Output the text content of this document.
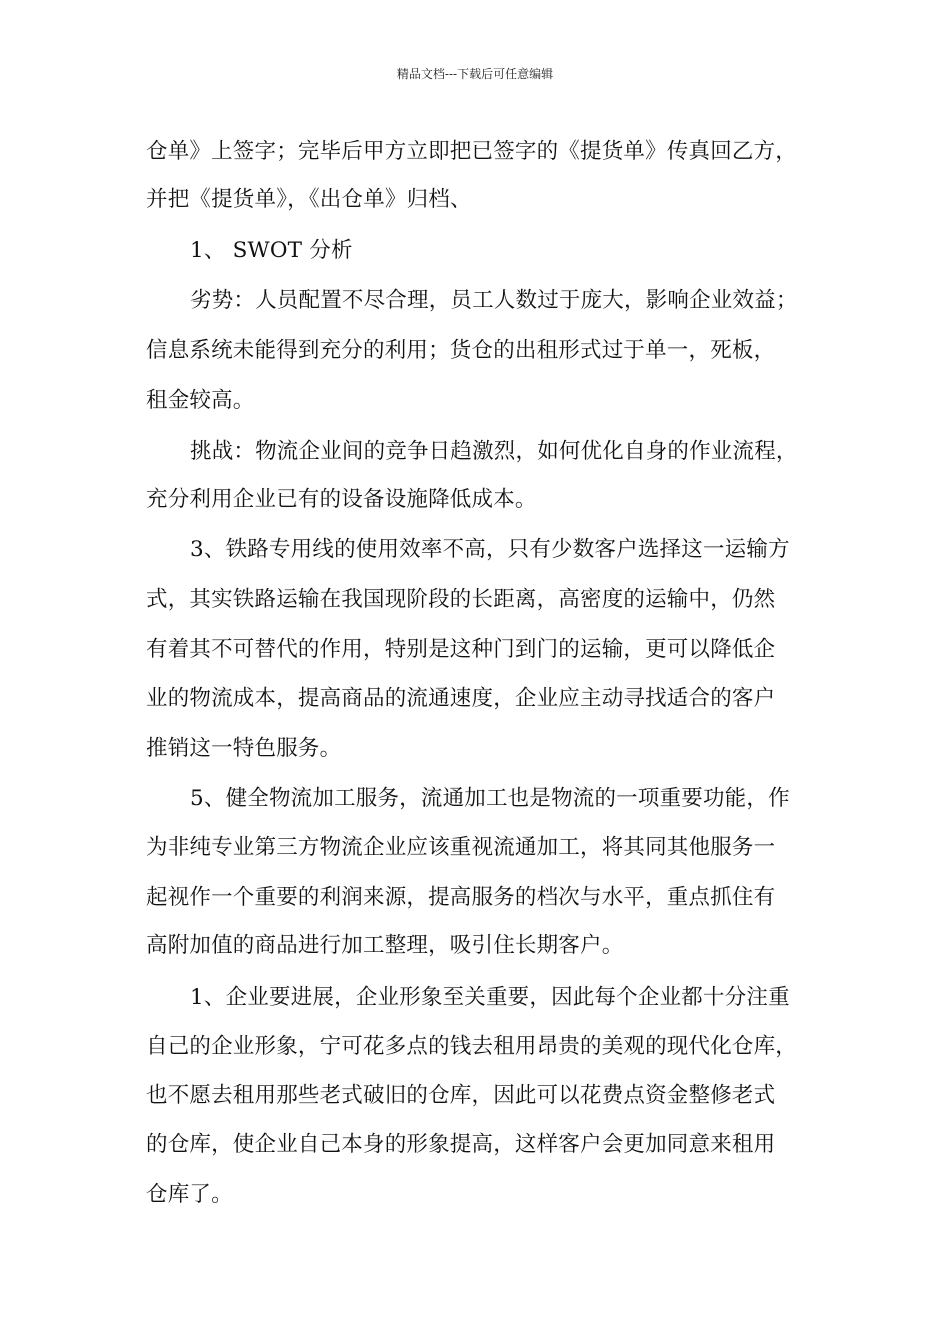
精品文档---下载后可任意编辑

仓单》上签字；完毕后甲方立即把已签字的《提货单》传真回乙方，

并把《提货单》，《出仓单》归档、

1、 SWOT 分析

劣势：人员配置不尽合理，员工人数过于庞大，影响企业效益；

信息系统未能得到充分的利用；货仓的出租形式过于单一，死板，

租金较高。

挑战：物流企业间的竞争日趋激烈，如何优化自身的作业流程，

充分利用企业已有的设备设施降低成本。

3、铁路专用线的使用效率不高，只有少数客户选择这一运输方

式，其实铁路运输在我国现阶段的长距离，高密度的运输中，仍然

有着其不可替代的作用，特别是这种门到门的运输，更可以降低企

业的物流成本，提高商品的流通速度，企业应主动寻找适合的客户

推销这一特色服务。

5、健全物流加工服务，流通加工也是物流的一项重要功能，作

为非纯专业第三方物流企业应该重视流通加工，将其同其他服务一

起视作一个重要的利润来源，提高服务的档次与水平，重点抓住有

高附加值的商品进行加工整理，吸引住长期客户。

1、企业要进展，企业形象至关重要，因此每个企业都十分注重

自己的企业形象，宁可花多点的钱去租用昂贵的美观的现代化仓库，

也不愿去租用那些老式破旧的仓库，因此可以花费点资金整修老式

的仓库，使企业自己本身的形象提高，这样客户会更加同意来租用

仓库了。
